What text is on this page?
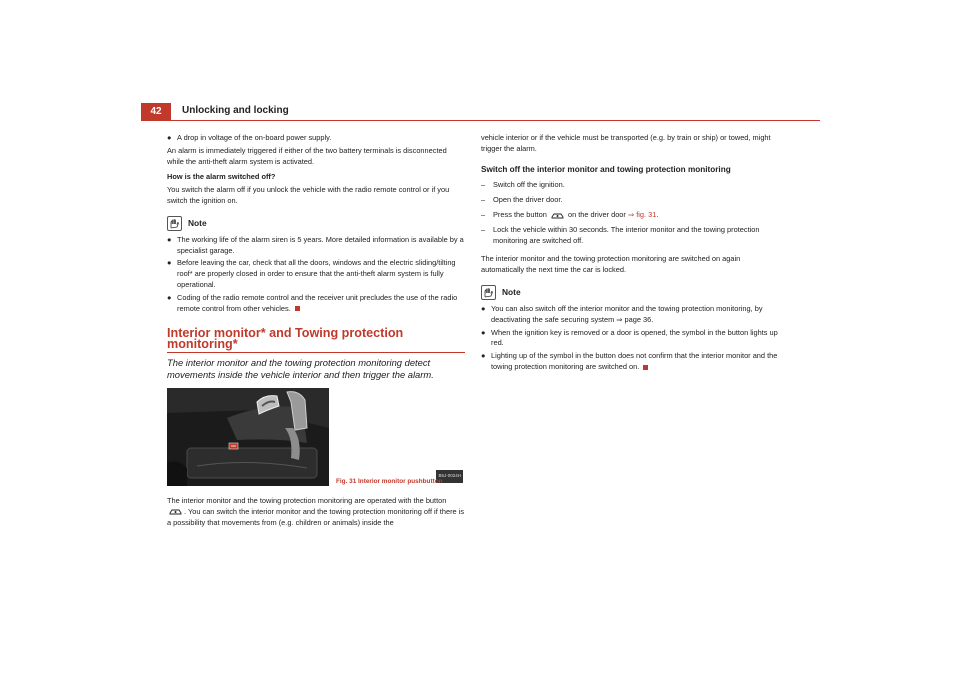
42	Unlocking and locking
● A drop in voltage of the on-board power supply.

An alarm is immediately triggered if either of the two battery terminals is disconnected while the anti-theft alarm system is activated.

How is the alarm switched off?

You switch the alarm off if you unlock the vehicle with the radio remote control or if you switch the ignition on.

Note
● The working life of the alarm siren is 5 years. More detailed information is available by a specialist garage.
● Before leaving the car, check that all the doors, windows and the electric sliding/tilting roof* are properly closed in order to ensure that the anti-theft alarm system is fully operational.
● Coding of the radio remote control and the receiver unit precludes the use of the radio remote control from other vehicles.
Interior monitor* and Towing protection monitoring*
The interior monitor and the towing protection monitoring detect movements inside the vehicle interior and then trigger the alarm.
B5J-0024H
Fig. 31 Interior monitor pushbutton

The interior monitor and the towing protection monitoring are operated with the button . You can switch the interior monitor and the towing protection monitoring off if there is a possibility that movements from (e.g. children or animals) inside the

vehicle interior or if the vehicle must be transported (e.g. by train or ship) or towed, might trigger the alarm.

Switch off the interior monitor and towing protection monitoring
–	Switch off the ignition.
–	Open the driver door.
–	Press the button	on the driver door ⇒ fig. 31.
–	Lock the vehicle within 30 seconds. The interior monitor and the towing protection monitoring are switched off.

The interior monitor and the towing protection monitoring are switched on again automatically the next time the car is locked.

Note
● You can also switch off the interior monitor and the towing protection monitoring, by deactivating the safe securing system ⇒ page 36.
● When the ignition key is removed or a door is opened, the symbol in the button lights up red.
● Lighting up of the symbol in the button does not confirm that the interior monitor and the towing protection monitoring are switched on.
